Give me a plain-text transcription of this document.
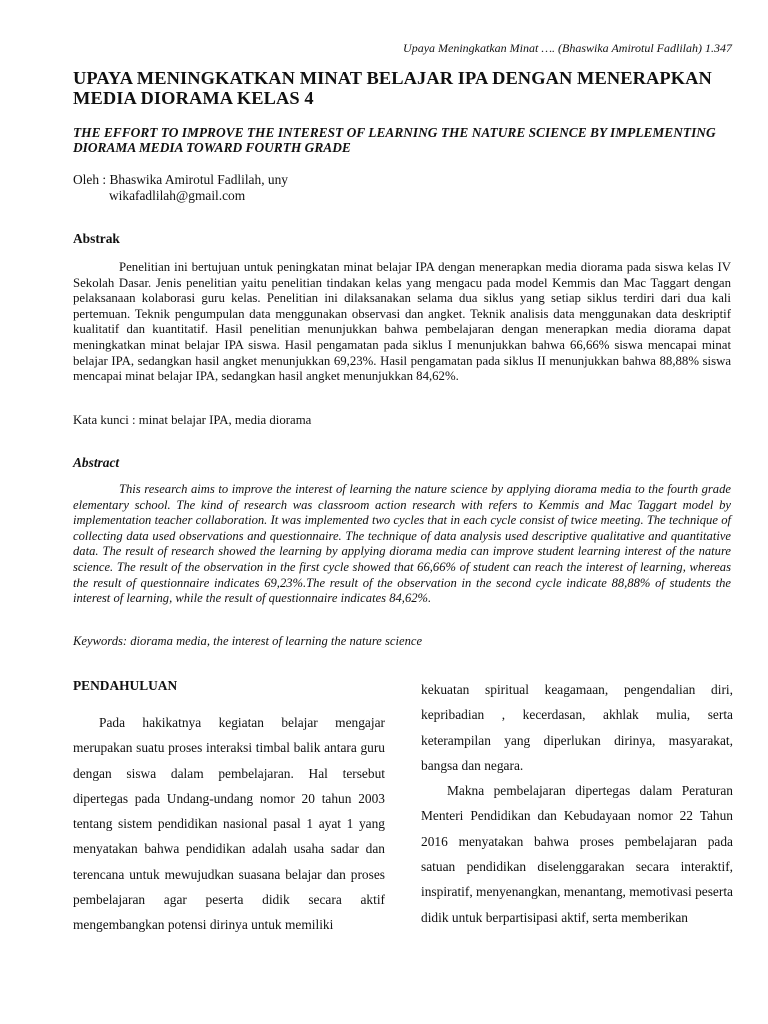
Upaya Meningkatkan Minat …. (Bhaswika Amirotul Fadlilah) 1.347
UPAYA MENINGKATKAN MINAT BELAJAR IPA DENGAN MENERAPKAN MEDIA DIORAMA KELAS 4
THE EFFORT TO IMPROVE THE INTEREST OF LEARNING THE NATURE SCIENCE BY IMPLEMENTING DIORAMA MEDIA TOWARD FOURTH GRADE
Oleh : Bhaswika Amirotul Fadlilah, uny
wikafadlilah@gmail.com
Abstrak

Penelitian ini bertujuan untuk peningkatan minat belajar IPA dengan menerapkan media diorama pada siswa kelas IV Sekolah Dasar. Jenis penelitian yaitu penelitian tindakan kelas yang mengacu pada model Kemmis dan Mac Taggart dengan pelaksanaan kolaborasi guru kelas. Penelitian ini dilaksanakan selama dua siklus yang setiap siklus terdiri dari dua kali pertemuan. Teknik pengumpulan data menggunakan observasi dan angket. Teknik analisis data menggunakan data deskriptif kualitatif dan kuantitatif. Hasil penelitian menunjukkan bahwa pembelajaran dengan menerapkan media diorama dapat meningkatkan minat belajar IPA siswa. Hasil pengamatan pada siklus I menunjukkan bahwa 66,66% siswa mencapai minat belajar IPA, sedangkan hasil angket menunjukkan 69,23%. Hasil pengamatan pada siklus II menunjukkan bahwa 88,88% siswa mencapai minat belajar IPA, sedangkan hasil angket menunjukkan 84,62%.

Kata kunci : minat belajar IPA, media diorama

Abstract

This research aims to improve the interest of learning the nature science by applying diorama media to the fourth grade elementary school. The kind of research was classroom action research with refers to Kemmis and Mac Taggart model by implementation teacher collaboration. It was implemented two cycles that in each cycle consist of twice meeting. The technique of collecting data used observations and questionnaire. The technique of data analysis used descriptive qualitative and quantitative data. The result of research showed the learning by applying diorama media can improve student learning interest of the nature science. The result of the observation in the first cycle showed that 66,66% of student can reach the interest of learning, whereas the result of questionnaire indicates 69,23%.The result of the observation in the second cycle indicate 88,88% of students the interest of learning, while the result of questionnaire indicates 84,62%.

Keywords: diorama media, the interest of learning the nature science

PENDAHULUAN

Pada hakikatnya kegiatan belajar mengajar merupakan suatu proses interaksi timbal balik antara guru dengan siswa dalam pembelajaran. Hal tersebut dipertegas pada Undang-undang nomor 20 tahun 2003 tentang sistem pendidikan nasional pasal 1 ayat 1 yang menyatakan bahwa pendidikan adalah usaha sadar dan terencana untuk mewujudkan suasana belajar dan proses pembelajaran agar peserta didik secara aktif mengembangkan potensi dirinya untuk memiliki

kekuatan spiritual keagamaan, pengendalian diri, kepribadian , kecerdasan, akhlak mulia, serta keterampilan yang diperlukan dirinya, masyarakat, bangsa dan negara.

Makna pembelajaran dipertegas dalam Peraturan Menteri Pendidikan dan Kebudayaan nomor 22 Tahun 2016 menyatakan bahwa proses pembelajaran pada satuan pendidikan diselenggarakan secara interaktif, inspiratif, menyenangkan, menantang, memotivasi peserta didik untuk berpartisipasi aktif, serta memberikan
